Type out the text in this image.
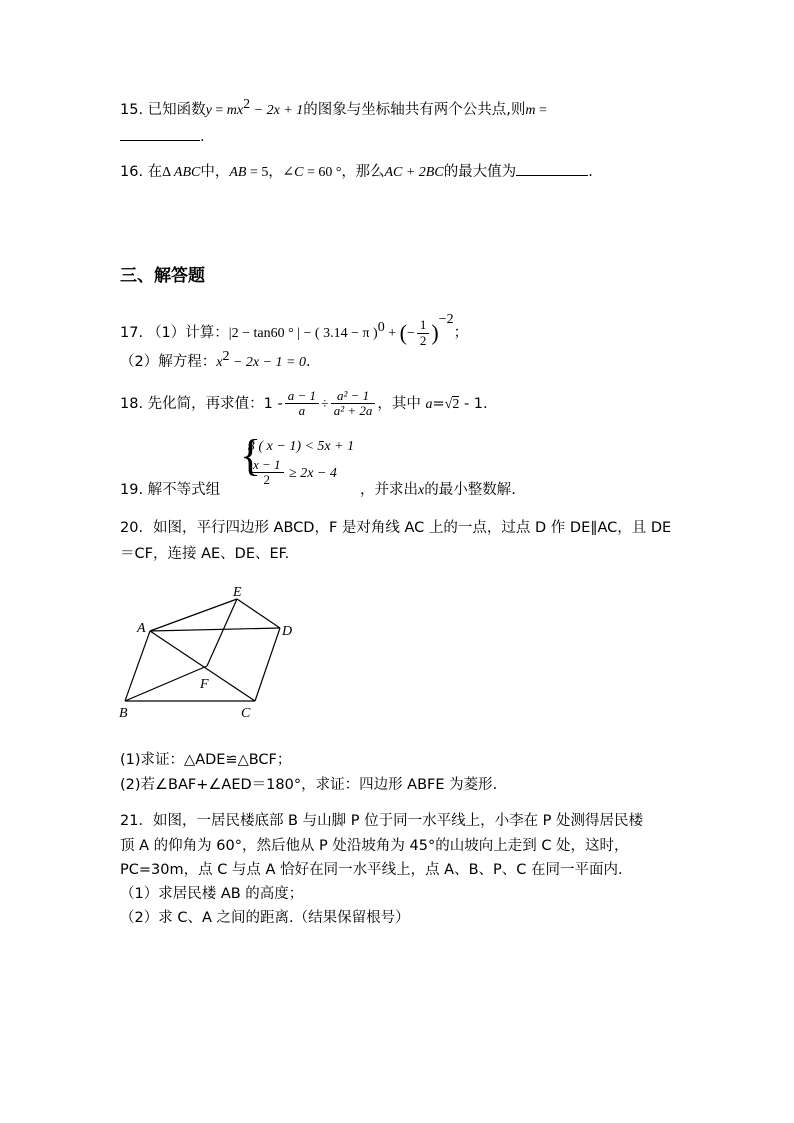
15. 已知函数$y = mx^2 - 2x + 1$的图象与坐标轴共有两个公共点,则m =
.
16. 在Δ ABC中，AB = 5，∠C = 60 °，那么AC + 2BC的最大值为	.
三、解答题
17. （1）计算：|2 − tan60 ° | − ( 3.14 − π )$^0$ + (− $\frac{1}{2} )^{-2}$；
（2）解方程：$x^2 - 2x - 1 = 0$.
18. 先化简，再求值：$1 - \frac{a - 1}{a} \div \frac{\text{a² − 1}}{\text{a² + 2a}}$ ，其中 a=√2 - 1.
{
3 ( x − 1) < 5x + 1
$\frac{x - 1}{2} \ge 2x - 4$
19. 解不等式组	，并求出x的最小整数解.
20．如图，平行四边形 ABCD，F 是对角线 AC 上的一点，过点 D 作 DE∥AC，且 DE
＝CF，连接 AE、DE、EF.
E
A	D
F
B	C
(1)求证：△ADE≌△BCF；
(2)若∠BAF+∠AED＝180°，求证：四边形 ABFE 为菱形.
21．如图，一居民楼底部 B 与山脚 P 位于同一水平线上，小李在 P 处测得居民楼
顶 A 的仰角为 60°，然后他从 P 处沿坡角为 45°的山坡向上走到 C 处，这时，
PC=30m，点 C 与点 A 恰好在同一水平线上，点 A、B、P、C 在同一平面内.
（1）求居民楼 AB 的高度；
（2）求 C、A 之间的距离.（结果保留根号）
